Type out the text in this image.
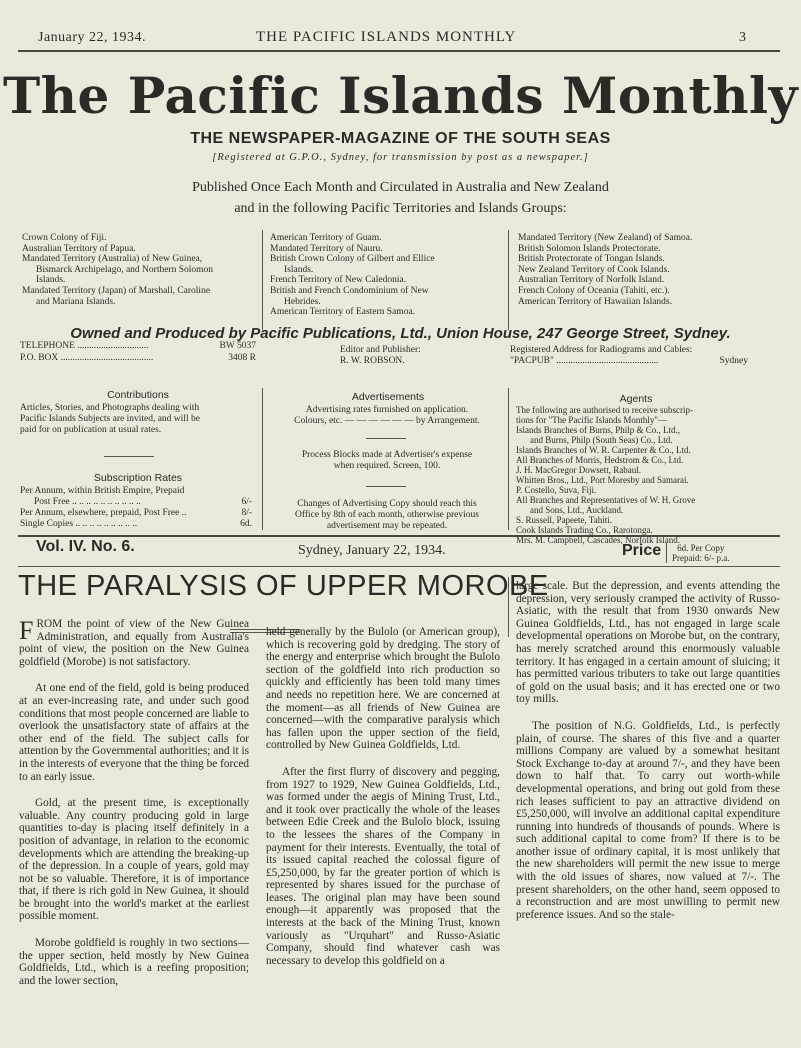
January 22, 1934.	THE PACIFIC ISLANDS MONTHLY	3
The Pacific Islands Monthly
THE NEWSPAPER-MAGAZINE OF THE SOUTH SEAS
[Registered at G.P.O., Sydney, for transmission by post as a newspaper.]
Published Once Each Month and Circulated in Australia and New Zealand
and in the following Pacific Territories and Islands Groups:
Crown Colony of Fiji.
Australian Territory of Papua.
Mandated Territory (Australia) of New Guinea,
Bismarck Archipelago, and Northern Solomon
Islands.
Mandated Territory (Japan) of Marshall, Caroline
and Mariana Islands.
American Territory of Guam.
Mandated Territory of Nauru.
British Crown Colony of Gilbert and Ellice
Islands.
French Territory of New Caledonia.
British and French Condominium of New
Hebrides.
American Territory of Eastern Samoa.
Mandated Territory (New Zealand) of Samoa.
British Solomon Islands Protectorate.
British Protectorate of Tongan Islands.
New Zealand Territory of Cook Islands.
Australian Territory of Norfolk Island.
French Colony of Oceania (Tahiti, etc.).
American Territory of Hawaiian Islands.
Owned and Produced by Pacific Publications, Ltd., Union House, 247 George Street, Sydney.
TELEPHONE ..............................	BW 5037
P.O. BOX .......................................	3408 R
Editor and Publisher:
R. W. ROBSON.
Registered Address for Radiograms and Cables:
"PACPUB" ...........................................	Sydney
Contributions
Articles, Stories, and Photographs dealing with
Pacific Islands Subjects are invited, and will be
paid for on publication at usual rates.
Subscription Rates
Per Annum, within British Empire, Prepaid
Post Free .. .. .. .. .. .. .. .. .. ..	6/-
Per Annum, elsewhere, prepaid, Post Free ..	8/-
Single Copies .. .. .. .. .. .. .. .. ..	6d.
Advertisements
Advertising rates furnished on application.
Colours, etc. — — — — — — by Arrangement.
Process Blocks made at Advertiser's expense
when required. Screen, 100.
Changes of Advertising Copy should reach this
Office by 8th of each month, otherwise previous
advertisement may be repeated.
Agents
The following are authorised to receive subscrip-
tions for "The Pacific Islands Monthly"—
Islands Branches of Burns, Philp & Co., Ltd.,
and Burns, Philp (South Seas) Co., Ltd.
Islands Branches of W. R. Carpenter & Co., Ltd.
All Branches of Morris, Hedstrom & Co., Ltd.
J. H. MacGregor Dowsett, Rabaul.
Whitten Bros., Ltd., Port Moresby and Samarai.
P. Costello, Suva, Fiji.
All Branches and Representatives of W. H. Grove
and Sons, Ltd., Auckland.
S. Russell, Papeete, Tahiti.
Cook Islands Trading Co., Rarotonga.
Mrs. M. Campbell, Cascades, Norfolk Island.
Vol. IV. No. 6.	Sydney, January 22, 1934.	Price	6d. Per Copy
Prepaid: 6/- p.a.
THE PARALYSIS OF UPPER MOROBE

FROM the point of view of the New Guinea Administration, and equally from Australia's point of view, the position on the New Guinea goldfield (Morobe) is not satisfactory.

At one end of the field, gold is being produced at an ever-increasing rate, and under such good conditions that most people concerned are liable to overlook the unsatisfactory state of affairs at the other end of the field. The subject calls for attention by the Governmental authorities; and it is in the interests of everyone that the thing be forced to an early issue.

Gold, at the present time, is exceptionally valuable. Any country producing gold in large quantities to-day is placing itself definitely in a position of advantage, in relation to the economic developments which are attending the breaking-up of the depression. In a couple of years, gold may not be so valuable. Therefore, it is of importance that, if there is rich gold in New Guinea, it should be brought into the world's market at the earliest possible moment.

Morobe goldfield is roughly in two sections—the upper section, held mostly by New Guinea Goldfields, Ltd., which is a reefing proposition; and the lower section,

held generally by the Bulolo (or American group), which is recovering gold by dredging. The story of the energy and enterprise which brought the Bulolo section of the goldfield into rich production so quickly and efficiently has been told many times and needs no repetition here. We are concerned at the moment—as all friends of New Guinea are concerned—with the comparative paralysis which has fallen upon the upper section of the field, controlled by New Guinea Goldfields, Ltd.

After the first flurry of discovery and pegging, from 1927 to 1929, New Guinea Goldfields, Ltd., was formed under the aegis of Mining Trust, Ltd., and it took over practically the whole of the leases between Edie Creek and the Bulolo block, issuing to the lessees the shares of the Company in payment for their interests. Eventually, the total of its issued capital reached the colossal figure of £5,250,000, by far the greater portion of which is represented by shares issued for the purchase of leases. The original plan may have been sound enough—it apparently was proposed that the interests at the back of the Mining Trust, known variously as "Urquhart" and Russo-Asiatic Company, should find whatever cash was necessary to develop this goldfield on a

large scale. But the depression, and events attending the depression, very seriously cramped the activity of Russo-Asiatic, with the result that from 1930 onwards New Guinea Goldfields, Ltd., has not engaged in large scale developmental operations on Morobe but, on the contrary, has merely scratched around this enormously valuable territory. It has engaged in a certain amount of sluicing; it has permitted various tributers to take out large quantities of gold on the usual basis; and it has erected one or two toy mills.

The position of N.G. Goldfields, Ltd., is perfectly plain, of course. The shares of this five and a quarter millions Company are valued by a somewhat hesitant Stock Exchange to-day at around 7/-, and they have been down to half that. To carry out worth-while developmental operations, and bring out gold from these rich leases sufficient to pay an attractive dividend on £5,250,000, will involve an additional capital expenditure running into hundreds of thousands of pounds. Where is such additional capital to come from? If there is to be another issue of ordinary capital, it is most unlikely that the new shareholders will permit the new issue to merge with the old issues of shares, now valued at 7/-. The present shareholders, on the other hand, seem opposed to a reconstruction and are most unwilling to permit new preference issues. And so the stale-
